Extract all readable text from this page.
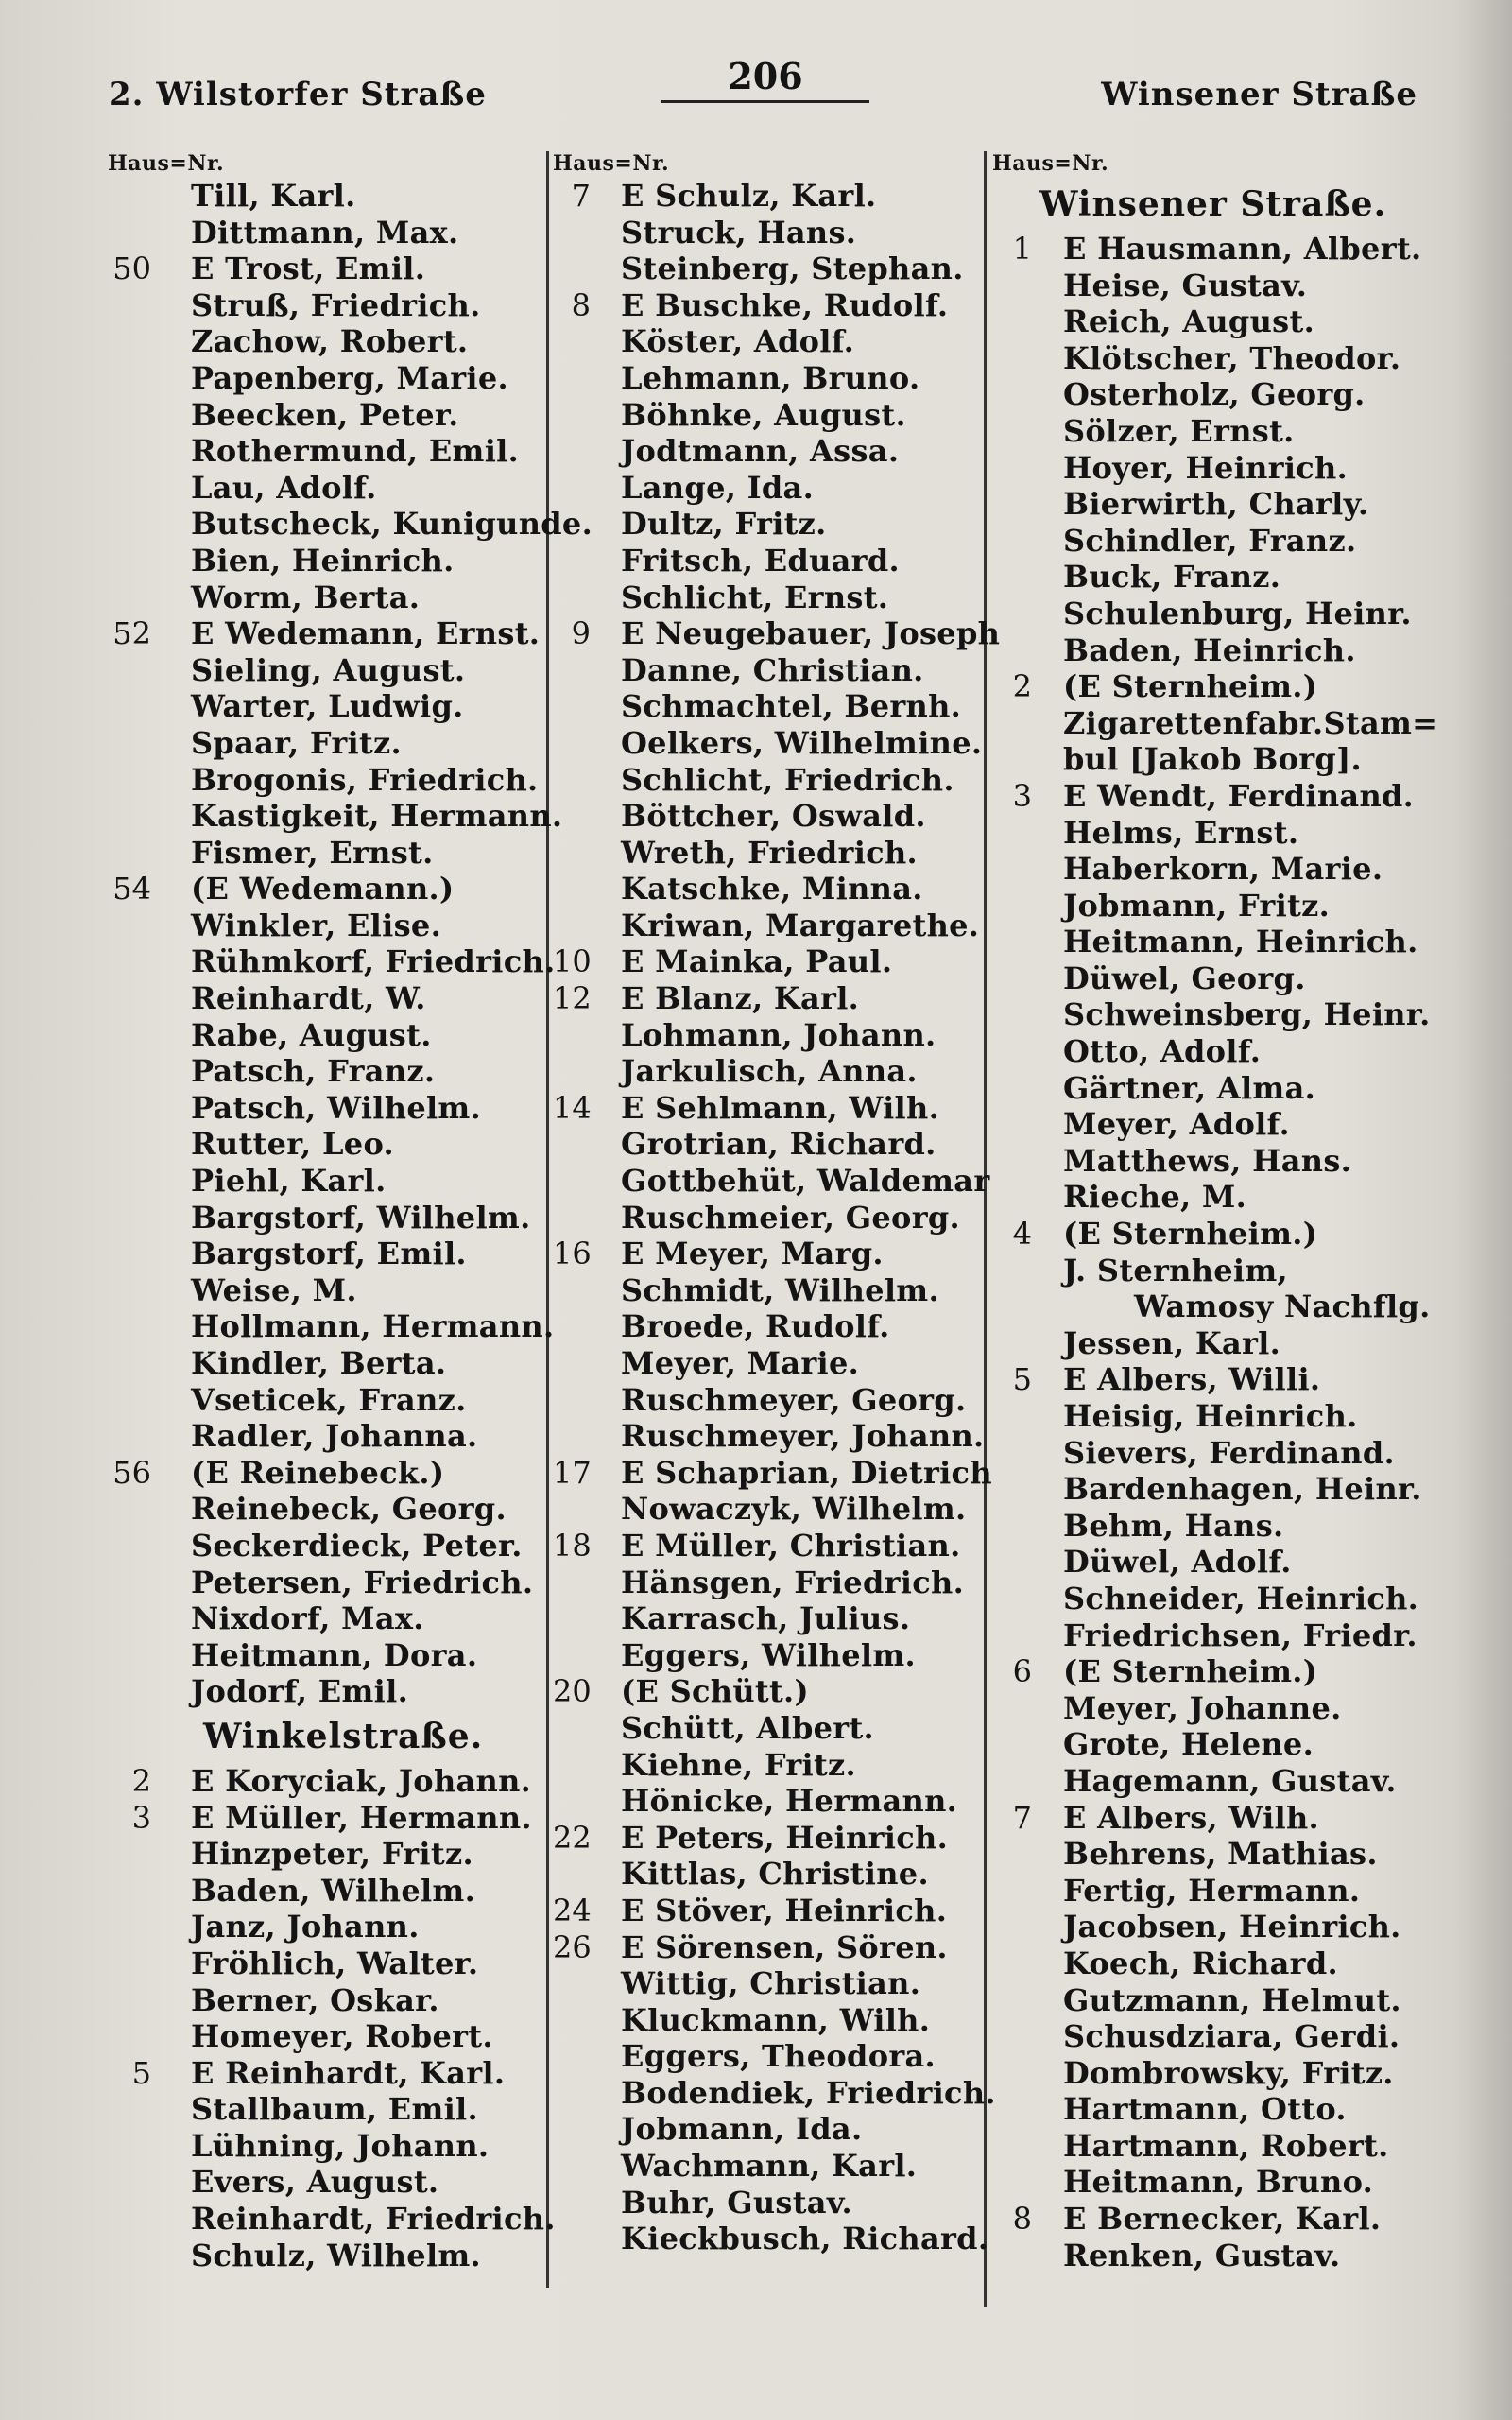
2. Wilstorfer Straße	206	Winsener Straße
Haus=Nr.
Till, Karl.
Dittmann, Max.
50 E Trost, Emil.
Struß, Friedrich.
Zachow, Robert.
Papenberg, Marie.
Beecken, Peter.
Rothermund, Emil.
Lau, Adolf.
Butscheck, Kunigunde.
Bien, Heinrich.
Worm, Berta.
52 E Wedemann, Ernst.
Sieling, August.
Warter, Ludwig.
Spaar, Fritz.
Brogonis, Friedrich.
Kastigkeit, Hermann.
Fismer, Ernst.
54 (E Wedemann.)
Winkler, Elise.
Rühmkorf, Friedrich.
Reinhardt, W.
Rabe, August.
Patsch, Franz.
Patsch, Wilhelm.
Rutter, Leo.
Piehl, Karl.
Bargstorf, Wilhelm.
Bargstorf, Emil.
Weise, M.
Hollmann, Hermann.
Kindler, Berta.
Vseticek, Franz.
Radler, Johanna.
56 (E Reinebeck.)
Reinebeck, Georg.
Seckerdieck, Peter.
Petersen, Friedrich.
Nixdorf, Max.
Heitmann, Dora.
Jodorf, Emil.
Winkelstraße.
2 E Koryciak, Johann.
3 E Müller, Hermann.
Hinzpeter, Fritz.
Baden, Wilhelm.
Janz, Johann.
Fröhlich, Walter.
Berner, Oskar.
Homeyer, Robert.
5 E Reinhardt, Karl.
Stallbaum, Emil.
Lühning, Johann.
Evers, August.
Reinhardt, Friedrich.
Schulz, Wilhelm.
Haus=Nr.
7 E Schulz, Karl.
Struck, Hans.
Steinberg, Stephan.
8 E Buschke, Rudolf.
Köster, Adolf.
Lehmann, Bruno.
Böhnke, August.
Jodtmann, Assa.
Lange, Ida.
Dultz, Fritz.
Fritsch, Eduard.
Schlicht, Ernst.
9 E Neugebauer, Joseph
Danne, Christian.
Schmachtel, Bernh.
Oelkers, Wilhelmine.
Schlicht, Friedrich.
Böttcher, Oswald.
Wreth, Friedrich.
Katschke, Minna.
Kriwan, Margarethe.
10 E Mainka, Paul.
12 E Blanz, Karl.
Lohmann, Johann.
Jarkulisch, Anna.
14 E Sehlmann, Wilh.
Grotrian, Richard.
Gottbehüt, Waldemar
Ruschmeier, Georg.
16 E Meyer, Marg.
Schmidt, Wilhelm.
Broede, Rudolf.
Meyer, Marie.
Ruschmeyer, Georg.
Ruschmeyer, Johann.
17 E Schaprian, Dietrich
Nowaczyk, Wilhelm.
18 E Müller, Christian.
Hänsgen, Friedrich.
Karrasch, Julius.
Eggers, Wilhelm.
20 (E Schütt.)
Schütt, Albert.
Kiehne, Fritz.
Hönicke, Hermann.
22 E Peters, Heinrich.
Kittlas, Christine.
24 E Stöver, Heinrich.
26 E Sörensen, Sören.
Wittig, Christian.
Kluckmann, Wilh.
Eggers, Theodora.
Bodendiek, Friedrich.
Jobmann, Ida.
Wachmann, Karl.
Buhr, Gustav.
Kieckbusch, Richard.
Haus=Nr.
Winsener Straße.
1 E Hausmann, Albert.
Heise, Gustav.
Reich, August.
Klötscher, Theodor.
Osterholz, Georg.
Sölzer, Ernst.
Hoyer, Heinrich.
Bierwirth, Charly.
Schindler, Franz.
Buck, Franz.
Schulenburg, Heinr.
Baden, Heinrich.
2 (E Sternheim.)
Zigarettenfabr.Stam=
bul [Jakob Borg].
3 E Wendt, Ferdinand.
Helms, Ernst.
Haberkorn, Marie.
Jobmann, Fritz.
Heitmann, Heinrich.
Düwel, Georg.
Schweinsberg, Heinr.
Otto, Adolf.
Gärtner, Alma.
Meyer, Adolf.
Matthews, Hans.
Rieche, M.
4 (E Sternheim.)
J. Sternheim,
Wamosy Nachflg.
Jessen, Karl.
5 E Albers, Willi.
Heisig, Heinrich.
Sievers, Ferdinand.
Bardenhagen, Heinr.
Behm, Hans.
Düwel, Adolf.
Schneider, Heinrich.
Friedrichsen, Friedr.
6 (E Sternheim.)
Meyer, Johanne.
Grote, Helene.
Hagemann, Gustav.
7 E Albers, Wilh.
Behrens, Mathias.
Fertig, Hermann.
Jacobsen, Heinrich.
Koech, Richard.
Gutzmann, Helmut.
Schusdziara, Gerdi.
Dombrowsky, Fritz.
Hartmann, Otto.
Hartmann, Robert.
Heitmann, Bruno.
8 E Bernecker, Karl.
Renken, Gustav.
